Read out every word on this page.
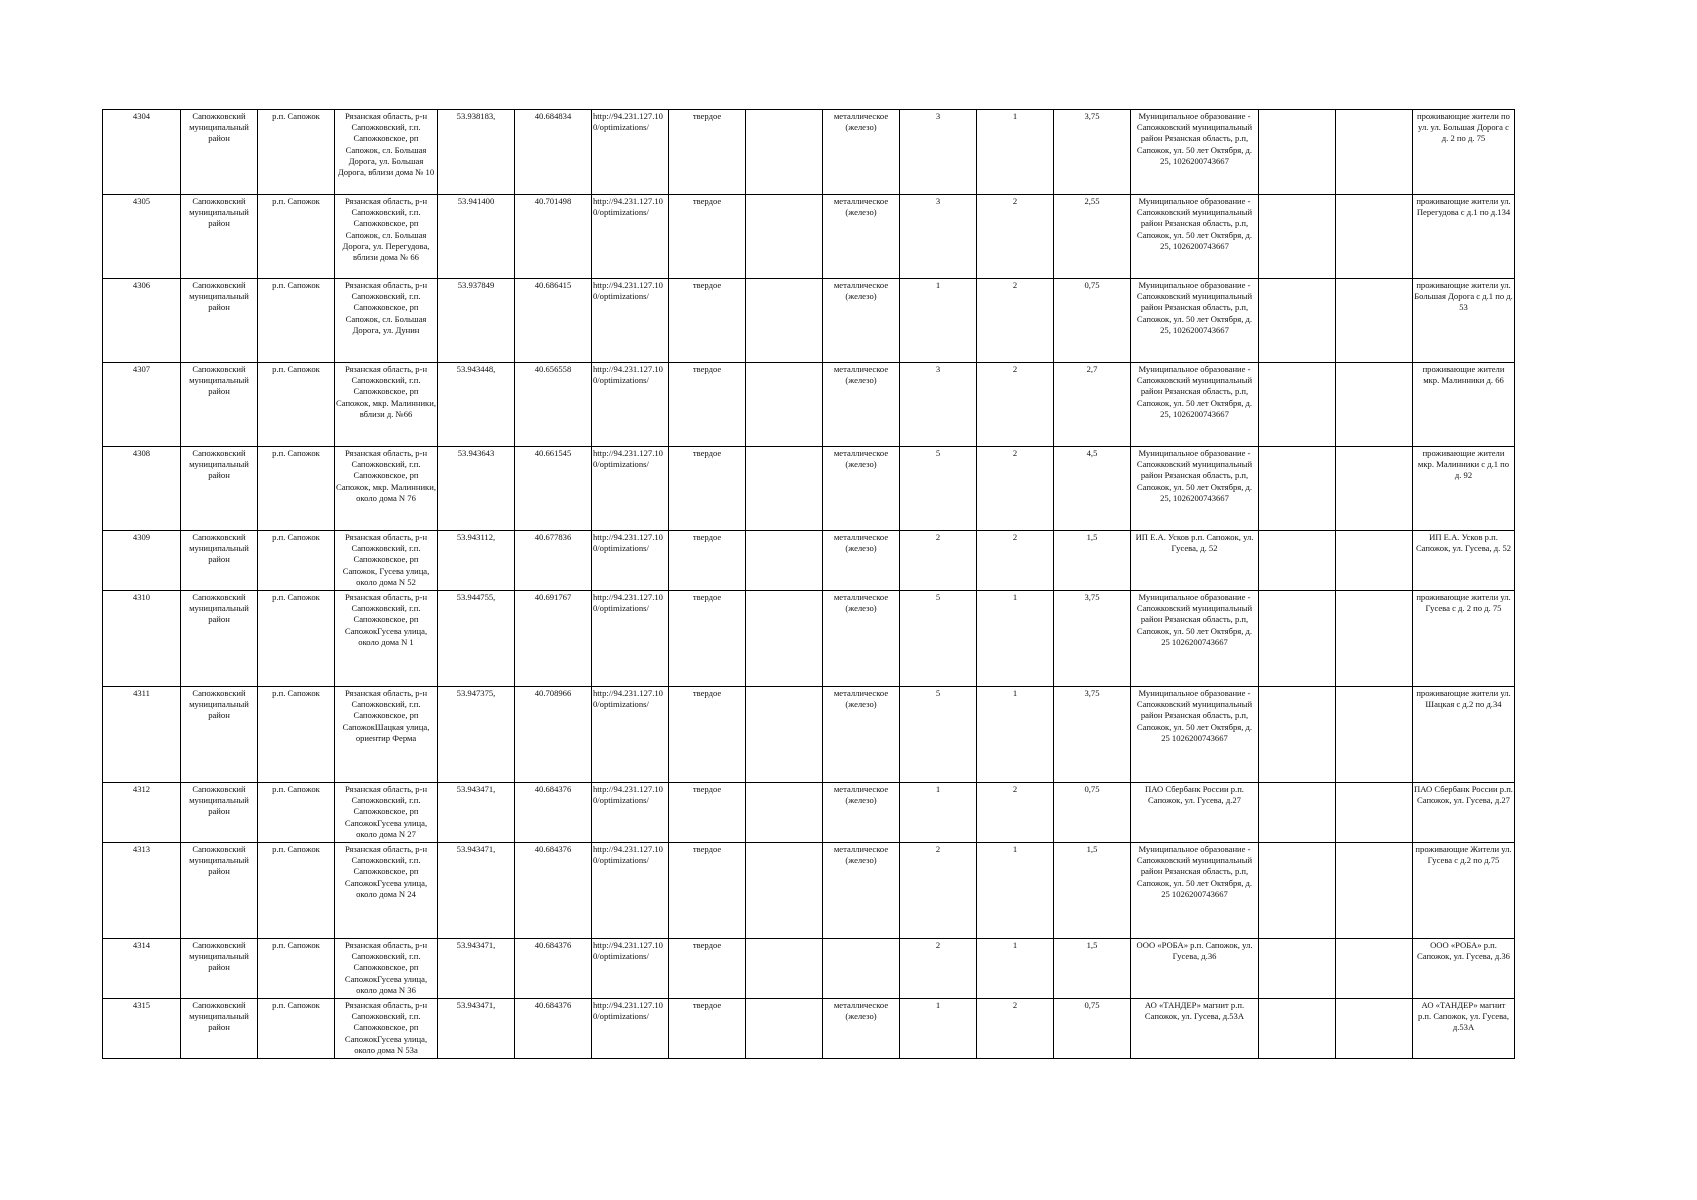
4304	Сапожковский муниципальный район	р.п. Сапожок	Рязанская область, р-н Сапожковский, г.п. Сапожковское, рп Сапожок, сл. Большая Дорога, ул. Большая Дорога, вблизи дома № 10	53.938183,	40.684834	http://94.231.127.100/optimizations/	твердое		металлическое (железо)	3	1	3,75	Муниципальное образование - Сапожковский муниципальный район Рязанская область, р.п, Сапожок, ул. 50 лет Октября, д. 25, 1026200743667			проживающие жители по ул. ул. Большая Дорога с д. 2 по д. 75
4305	Сапожковский муниципальный район	р.п. Сапожок	Рязанская область, р-н Сапожковский, г.п. Сапожковское, рп Сапожок, сл. Большая Дорога, ул. Перегудова, вблизи дома № 66	53.941400	40.701498	http://94.231.127.100/optimizations/	твердое		металлическое (железо)	3	2	2,55	Муниципальное образование - Сапожковский муниципальный район Рязанская область, р.п, Сапожок, ул. 50 лет Октября, д. 25, 1026200743667			проживающие жители ул. Перегудова с д.1 по д.134
4306	Сапожковский муниципальный район	р.п. Сапожок	Рязанская область, р-н Сапожковский, г.п. Сапожковское, рп Сапожок, сл. Большая Дорога, ул. Дунин	53.937849	40.686415	http://94.231.127.100/optimizations/	твердое		металлическое (железо)	1	2	0,75	Муниципальное образование - Сапожковский муниципальный район Рязанская область, р.п, Сапожок, ул. 50 лет Октября, д. 25, 1026200743667			проживающие жители ул. Большая Дорога с д.1 по д. 53
4307	Сапожковский муниципальный район	р.п. Сапожок	Рязанская область, р-н Сапожковский, г.п. Сапожковское, рп Сапожок, мкр. Малинники, вблизи д. №66	53.943448,	40.656558	http://94.231.127.100/optimizations/	твердое		металлическое (железо)	3	2	2,7	Муниципальное образование - Сапожковский муниципальный район Рязанская область, р.п, Сапожок, ул. 50 лет Октября, д. 25, 1026200743667			проживающие жители мкр. Малинники д. 66
4308	Сапожковский муниципальный район	р.п. Сапожок	Рязанская область, р-н Сапожковский, г.п. Сапожковское, рп Сапожок, мкр. Малинники, около дома N 76	53.943643	40.661545	http://94.231.127.100/optimizations/	твердое		металлическое (железо)	5	2	4,5	Муниципальное образование - Сапожковский муниципальный район Рязанская область, р.п, Сапожок, ул. 50 лет Октября, д. 25, 1026200743667			проживающие жители мкр. Малинники с д.1 по д. 92
4309	Сапожковский муниципальный район	р.п. Сапожок	Рязанская область, р-н Сапожковский, г.п. Сапожковское, рп Сапожок, Гусева улица, около дома N 52	53.943112,	40.677836	http://94.231.127.100/optimizations/	твердое		металлическое (железо)	2	2	1,5	ИП Е.А. Усков р.п. Сапожок, ул. Гусева, д. 52			ИП Е.А. Усков р.п. Сапожок, ул. Гусева, д. 52
4310	Сапожковский муниципальный район	р.п. Сапожок	Рязанская область, р-н Сапожковский, г.п. Сапожковское, рп СапожокГусева улица, около дома N 1	53.944755,	40.691767	http://94.231.127.100/optimizations/	твердое		металлическое (железо)	5	1	3,75	Муниципальное образование - Сапожковский муниципальный район Рязанская область, р.п, Сапожок, ул. 50 лет Октября, д. 25 1026200743667			проживающие жители ул. Гусева с д. 2 по д. 75
4311	Сапожковский муниципальный район	р.п. Сапожок	Рязанская область, р-н Сапожковский, г.п. Сапожковское, рп СапожокШацкая улица, ориентир Ферма	53.947375,	40.708966	http://94.231.127.100/optimizations/	твердое		металлическое (железо)	5	1	3,75	Муниципальное образование - Сапожковский муниципальный район Рязанская область, р.п, Сапожок, ул. 50 лет Октября, д. 25 1026200743667			проживающие жители ул. Шацкая с д.2 по д.34
4312	Сапожковский муниципальный район	р.п. Сапожок	Рязанская область, р-н Сапожковский, г.п. Сапожковское, рп СапожокГусева улица, около дома N 27	53.943471,	40.684376	http://94.231.127.100/optimizations/	твердое		металлическое (железо)	1	2	0,75	ПАО Сбербанк России р.п. Сапожок, ул. Гусева, д.27			ПАО Сбербанк России р.п. Сапожок, ул. Гусева, д.27
4313	Сапожковский муниципальный район	р.п. Сапожок	Рязанская область, р-н Сапожковский, г.п. Сапожковское, рп СапожокГусева улица, около дома N 24	53.943471,	40.684376	http://94.231.127.100/optimizations/	твердое		металлическое (железо)	2	1	1,5	Муниципальное образование - Сапожковский муниципальный район Рязанская область, р.п, Сапожок, ул. 50 лет Октября, д. 25 1026200743667			проживающие Жители ул. Гусева с д.2 по д.75
4314	Сапожковский муниципальный район	р.п. Сапожок	Рязанская область, р-н Сапожковский, г.п. Сапожковское, рп СапожокГусева улица, около дома N 36	53.943471,	40.684376	http://94.231.127.100/optimizations/	твердое			2	1	1,5	ООО «РОБА» р.п. Сапожок, ул. Гусева, д.36			ООО «РОБА» р.п. Сапожок, ул. Гусева, д.36
4315	Сапожковский муниципальный район	р.п. Сапожок	Рязанская область, р-н Сапожковский, г.п. Сапожковское, рп СапожокГусева улица, около дома N 53а	53.943471,	40.684376	http://94.231.127.100/optimizations/	твердое		металлическое (железо)	1	2	0,75	АО «ТАНДЕР» магнит р.п. Сапожок, ул. Гусева, д.53А			АО «ТАНДЕР» магнит р.п. Сапожок, ул. Гусева, д.53А
